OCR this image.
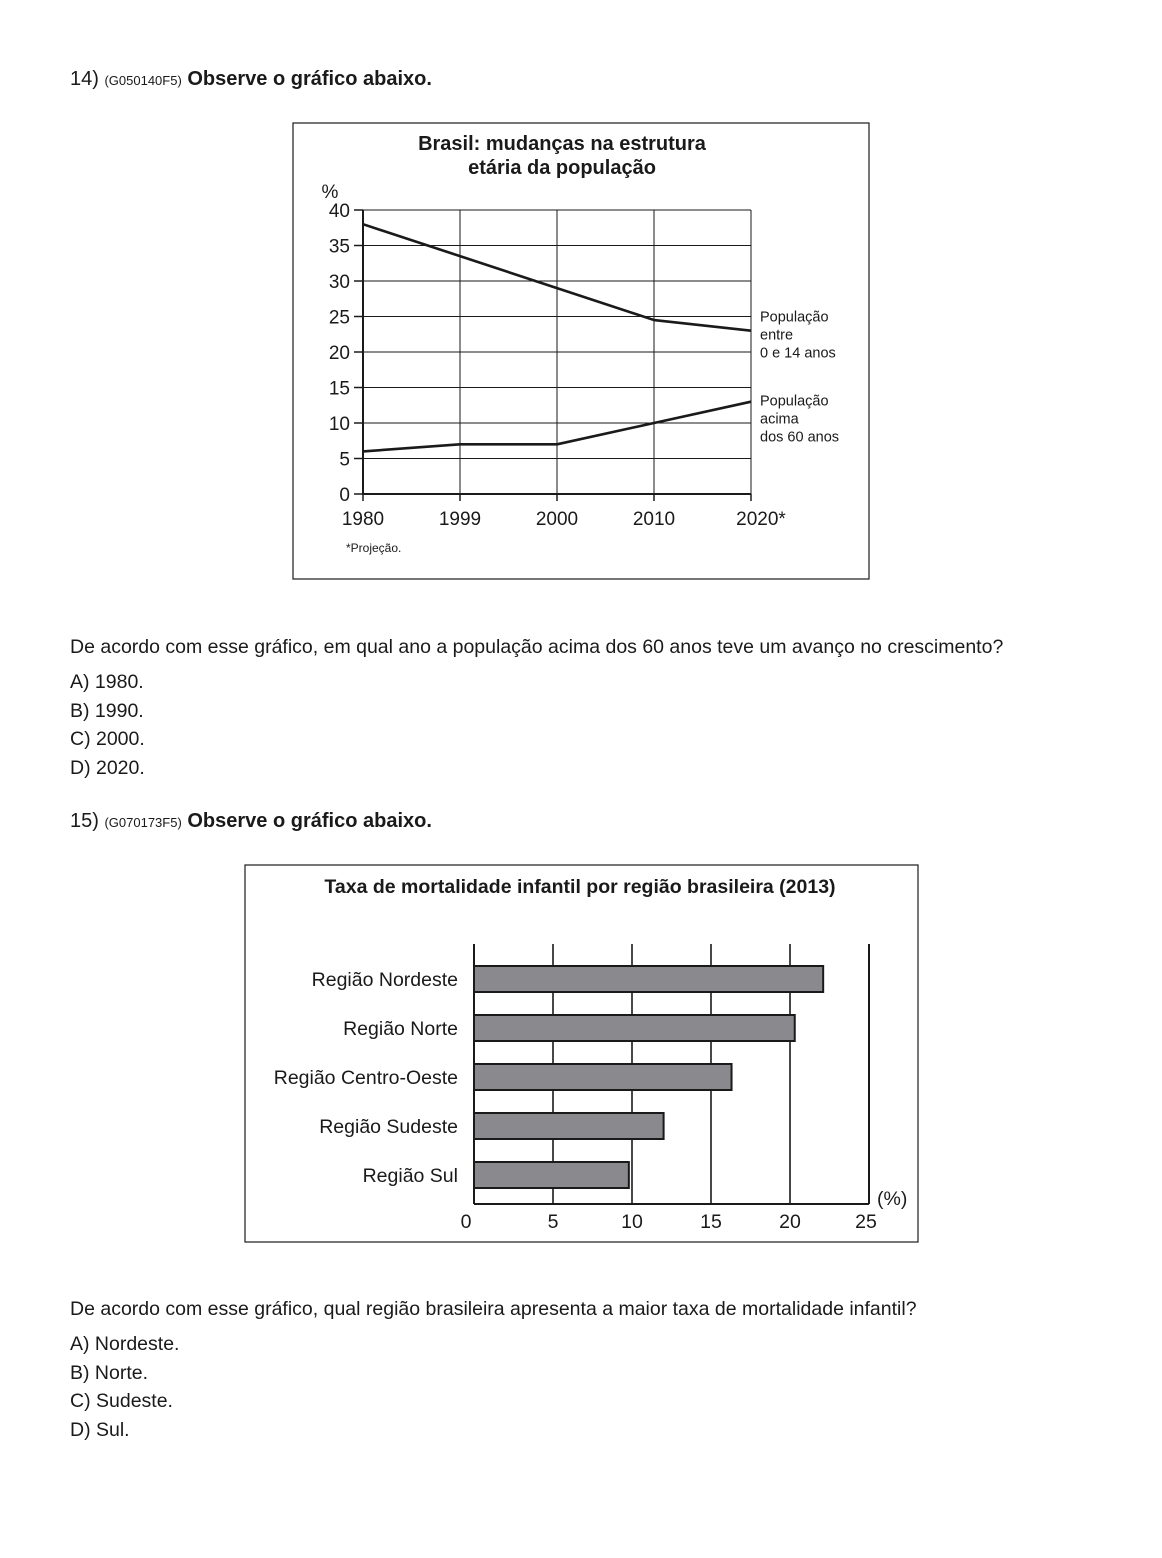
14) (G050140F5) Observe o gráfico abaixo.
Brasil: mudanças na estrutura
etária da população
%
0
5
10
15
20
25
30
35
40
1980	1999	2000	2010	2020*
População
entre
0 e 14 anos
População
acima
dos 60 anos
*Projeção.
De acordo com esse gráfico, em qual ano a população acima dos 60 anos teve um avanço no crescimento?
A) 1980.
B) 1990.
C) 2000.
D) 2020.
15) (G070173F5) Observe o gráfico abaixo.
Taxa de mortalidade infantil por região brasileira (2013)
Região Nordeste
Região Norte
Região Centro-Oeste
Região Sudeste
Região Sul
0	5	10	15	20	25
(%)
De acordo com esse gráfico, qual região brasileira apresenta a maior taxa de mortalidade infantil?
A) Nordeste.
B) Norte.
C) Sudeste.
D) Sul.
